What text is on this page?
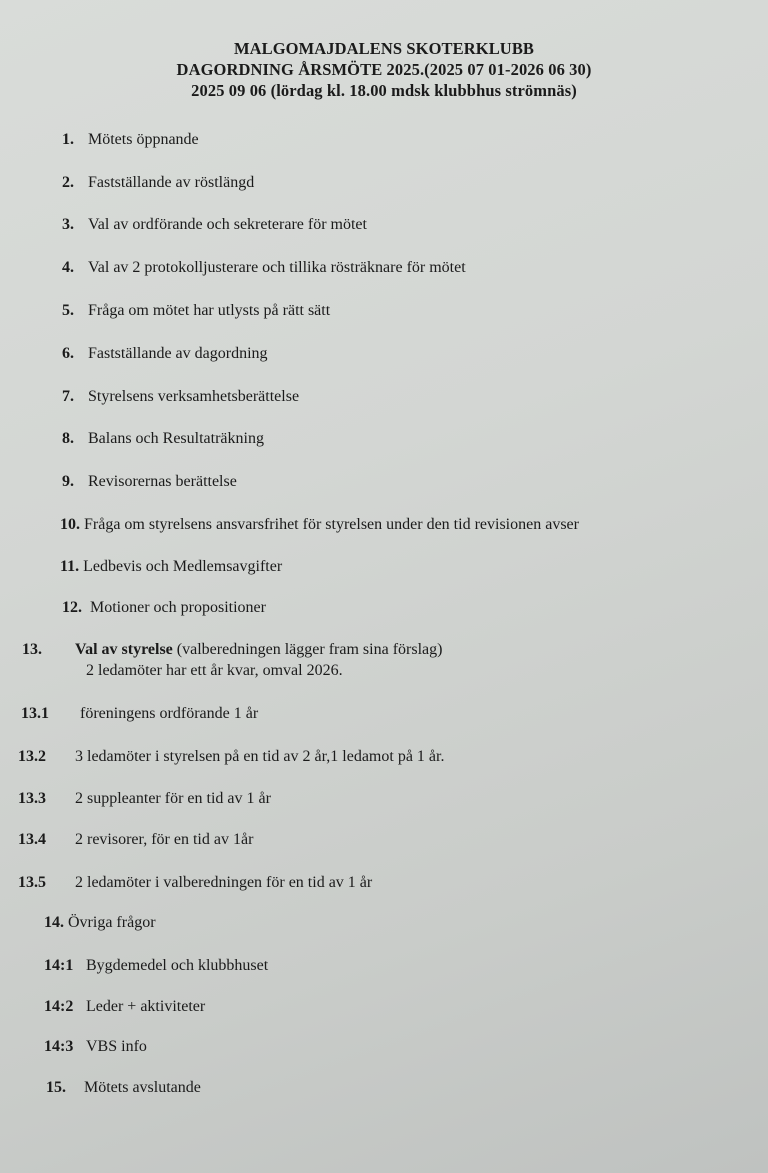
MALGOMAJDALENS SKOTERKLUBB
DAGORDNING ÅRSMÖTE 2025.(2025 07 01-2026 06 30)
2025 09 06 (lördag kl. 18.00 mdsk klubbhus strömnäs)
1. Mötets öppnande
2. Fastställande av röstlängd
3. Val av ordförande och sekreterare för mötet
4. Val av 2 protokolljusterare och tillika rösträknare för mötet
5. Fråga om mötet har utlysts på rätt sätt
6. Fastställande av dagordning
7. Styrelsens verksamhetsberättelse
8. Balans och Resultaträkning
9. Revisorernas berättelse
10. Fråga om styrelsens ansvarsfrihet för styrelsen under den tid revisionen avser
11. Ledbevis och Medlemsavgifter
12. Motioner och propositioner
13. Val av styrelse (valberedningen lägger fram sina förslag)
2 ledamöter har ett år kvar, omval 2026.
13.1 föreningens ordförande 1 år
13.2 3 ledamöter i styrelsen på en tid av 2 år,1 ledamot på 1 år.
13.3 2 suppleanter för en tid av 1 år
13.4 2 revisorer, för en tid av 1år
13.5 2 ledamöter i valberedningen för en tid av 1 år
14. Övriga frågor
14:1 Bygdemedel och klubbhuset
14:2 Leder + aktiviteter
14:3 VBS info
15. Mötets avslutande
